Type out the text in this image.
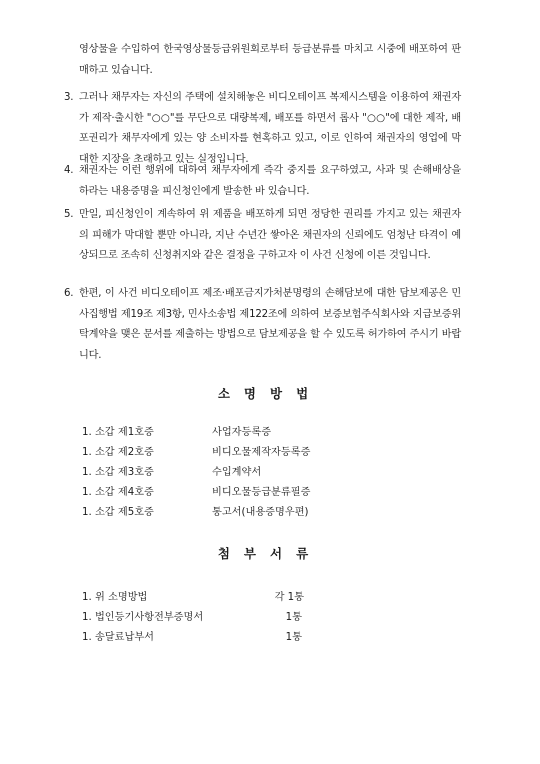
영상물을 수입하여 한국영상물등급위원회로부터 등급분류를 마치고 시중에 배포하여 판매하고 있습니다.
3. 그러나 채무자는 자신의 주택에 설치해놓은 비디오테이프 복제시스템을 이용하여 채권자가 제작·출시한 "○○"를 무단으로 대량복제, 배포를 하면서 롭사 "○○"에 대한 제작, 배포권리가 채무자에게 있는 양 소비자를 현혹하고 있고, 이로 인하여 채권자의 영업에 막대한 지장을 초래하고 있는 실정입니다.
4. 채권자는 이런 행위에 대하여 채무자에게 즉각 중지를 요구하였고, 사과 및 손해배상을 하라는 내용증명을 피신청인에게 발송한 바 있습니다.
5. 만일, 피신청인이 계속하여 위 제품을 배포하게 되면 정당한 권리를 가지고 있는 채권자의 피해가 막대할 뿐만 아니라, 지난 수년간 쌓아온 채권자의 신뢰에도 엄청난 타격이 예상되므로 조속히 신청취지와 같은 결정을 구하고자 이 사건 신청에 이른 것입니다.
6. 한편, 이 사건 비디오테이프 제조·배포금지가처분명령의 손해담보에 대한 담보제공은 민사집행법 제19조 제3항, 민사소송법 제122조에 의하여 보증보험주식회사와 지급보증위탁계약을 맺은 문서를 제출하는 방법으로 담보제공을 할 수 있도록 허가하여 주시기 바랍니다.
소명방법
1. 소갑 제1호증	사업자등록증
1. 소갑 제2호증	비디오물제작자등록증
1. 소갑 제3호증	수입계약서
1. 소갑 제4호증	비디오물등급분류필증
1. 소갑 제5호증	통고서(내용증명우편)
첨부서류
1. 위 소명방법	각 1통
1. 법인등기사항전부증명서	1통
1. 송달료납부서	1통
